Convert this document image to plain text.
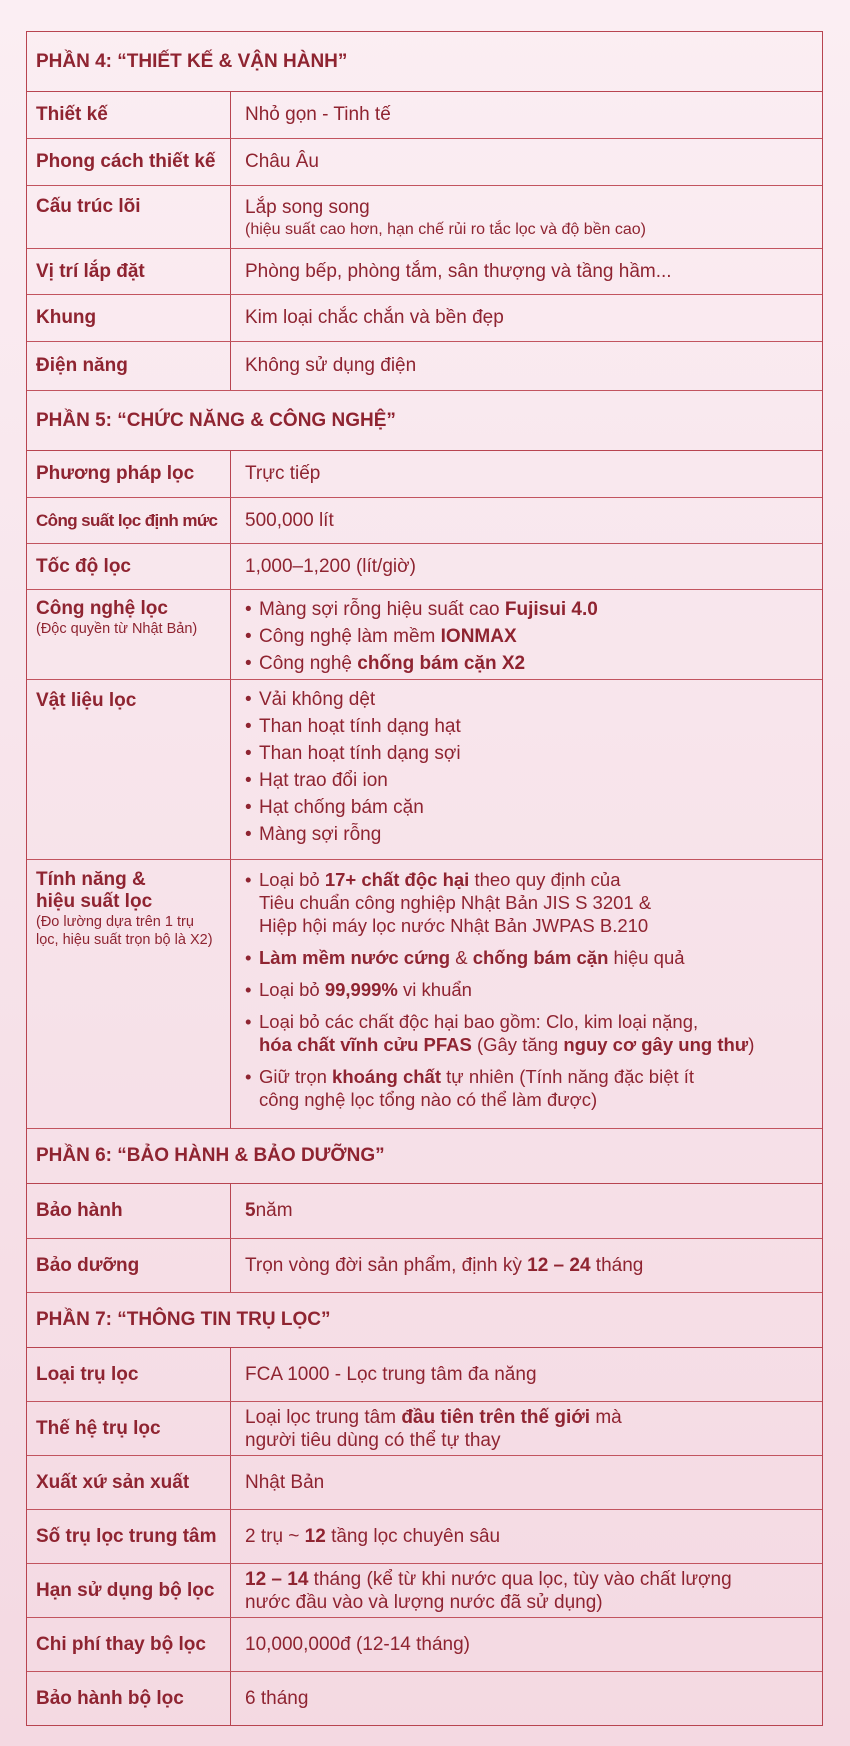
PHẦN 4: “THIẾT KẾ & VẬN HÀNH”
Thiết kế	Nhỏ gọn - Tinh tế
Phong cách thiết kế	Châu Âu
Cấu trúc lõi	Lắp song song
(hiệu suất cao hơn, hạn chế rủi ro tắc lọc và độ bền cao)
Vị trí lắp đặt	Phòng bếp, phòng tắm, sân thượng và tầng hầm...
Khung	Kim loại chắc chắn và bền đẹp
Điện năng	Không sử dụng điện
PHẦN 5: “CHỨC NĂNG & CÔNG NGHỆ”
Phương pháp lọc	Trực tiếp
Công suất lọc định mức	500,000 lít
Tốc độ lọc	1,000–1,200 (lít/giờ)
Công nghệ lọc
(Độc quyền từ Nhật Bản)
• Màng sợi rỗng hiệu suất cao Fujisui 4.0
• Công nghệ làm mềm IONMAX
• Công nghệ chống bám cặn X2
Vật liệu lọc
•	Vải không dệt
• Than hoạt tính dạng hạt
• Than hoạt tính dạng sợi
• Hạt trao đổi ion
• Hạt chống bám cặn
• Màng sợi rỗng
Tính năng &
hiệu suất lọc
(Đo lường dựa trên 1 trụ lọc, hiệu suất trọn bộ là X2)
• Loại bỏ 17+ chất độc hại theo quy định của
Tiêu chuẩn công nghiệp Nhật Bản JIS S 3201 &
Hiệp hội máy lọc nước Nhật Bản JWPAS B.210
• Làm mềm nước cứng & chống bám cặn hiệu quả
• Loại bỏ 99,999% vi khuẩn
• Loại bỏ các chất độc hại bao gồm: Clo, kim loại nặng,
hóa chất vĩnh cửu PFAS (Gây tăng nguy cơ gây ung thư)
• Giữ trọn khoáng chất tự nhiên (Tính năng đặc biệt ít
công nghệ lọc tổng nào có thể làm được)
PHẦN 6: “BẢO HÀNH & BẢO DƯỠNG”
Bảo hành	5 năm
Bảo dưỡng	Trọn vòng đời sản phẩm, định kỳ 12 – 24 tháng
PHẦN 7: “THÔNG TIN TRỤ LỌC”
Loại trụ lọc	FCA 1000 - Lọc trung tâm đa năng
Thế hệ trụ lọc
Loại lọc trung tâm đầu tiên trên thế giới mà
người tiêu dùng có thể tự thay
Xuất xứ sản xuất	Nhật Bản
Số trụ lọc trung tâm	2 trụ ~ 12 tầng lọc chuyên sâu
Hạn sử dụng bộ lọc
12 – 14 tháng (kể từ khi nước qua lọc, tùy vào chất lượng
nước đầu vào và lượng nước đã sử dụng)
Chi phí thay bộ lọc	10,000,000đ (12-14 tháng)
Bảo hành bộ lọc	6 tháng
